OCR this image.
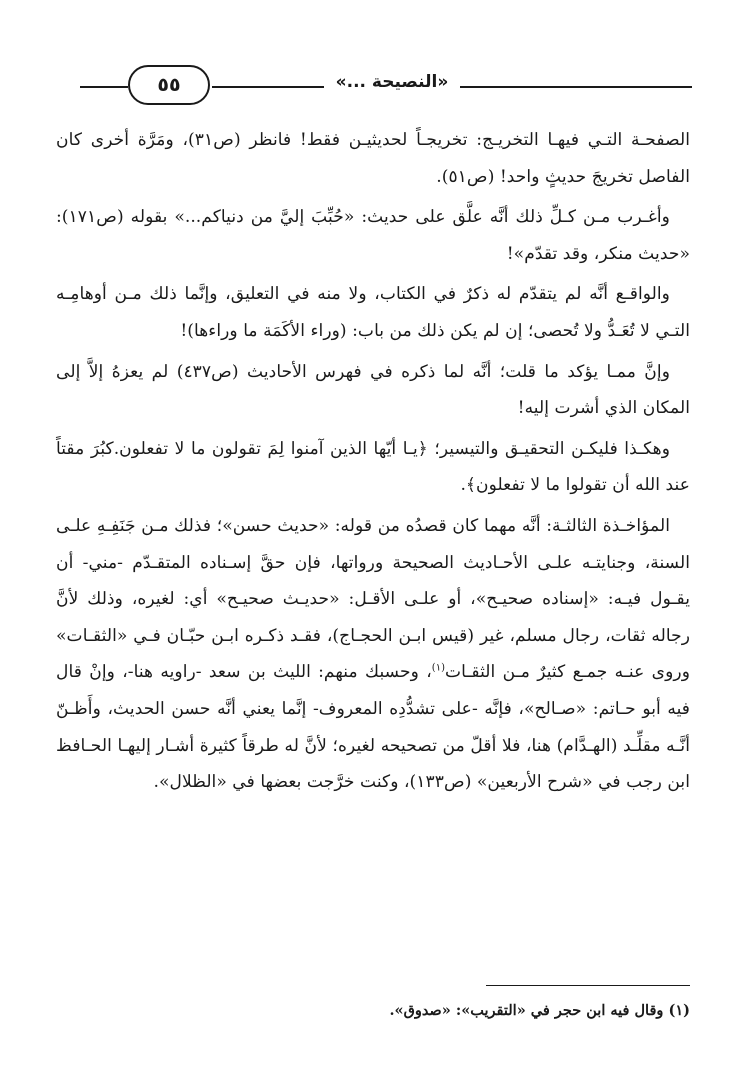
٥٥	«النصيحة ...»

الصفحـة التـي فيهـا التخريـج: تخريجـاً لحديثيـن فقط! فانظر (ص٣١)، ومَرَّة أخرى كان الفاصل تخريجَ حديثٍ واحد! (ص٥١).

وأغـرب مـن كـلِّ ذلك أنَّه علَّق على حديث: «حُبِّبَ إليَّ من دنياكم...» بقوله (ص١٧١): «حديث منكر، وقد تقدّم»!

والواقـع أنَّه لم يتقدّم له ذكرٌ في الكتاب، ولا منه في التعليق، وإنَّما ذلك مـن أوهامِـه التـي لا تُعَـدُّ ولا تُحصى؛ إن لم يكن ذلك من باب: (وراء الأكَمَة ما وراءها)!

وإنَّ ممـا يؤكد ما قلت؛ أنَّه لما ذكره في فهرس الأحاديث (ص٤٣٧) لم يعزهُ إلاَّ إلى المكان الذي أشرت إليه!

وهكـذا فليكـن التحقيـق والتيسير؛ ﴿يـا أيّها الذين آمنوا لِمَ تقولون ما لا تفعلون.كبُرَ مقتاً عند الله أن تقولوا ما لا تفعلون﴾.

المؤاخـذة الثالثـة: أنَّه مهما كان قصدُه من قوله: «حديث حسن»؛ فذلك مـن جَنَفِـهِ علـى السنة، وجنايتـه علـى الأحـاديث الصحيحة ورواتها، فإن حقَّ إسـناده المتقـدّم -مني- أن يقـول فيـه: «إسناده صحيـح»، أو علـى الأقـل: «حديـث صحيـح» أي: لغيره، وذلك لأنَّ رجاله ثقات، رجال مسلم، غير (قيس ابـن الحجـاج)، فقـد ذكـره ابـن حبّـان فـي «الثقـات» وروى عنـه جمـع كثيرٌ مـن الثقـات$^{(١)}$، وحسبك منهم: الليث بن سعد -راويه هنا-، وإنْ قال فيه أبو حـاتم: «صـالح»، فإنَّه -على تشدُّدِه المعروف- إنَّما يعني أنَّه حسن الحديث، وأَظـنّ أنَّـه مقلِّـد (الهـدَّام) هنا، فلا أقلّ من تصحيحه لغيره؛ لأنَّ له طرقاً كثيرة أشـار إليهـا الحـافظ ابن رجب في «شرح الأربعين» (ص١٣٣)، وكنت خرَّجت بعضها في «الظلال».

(١) وقال فيه ابن حجر في «التقريب»: «صدوق».
